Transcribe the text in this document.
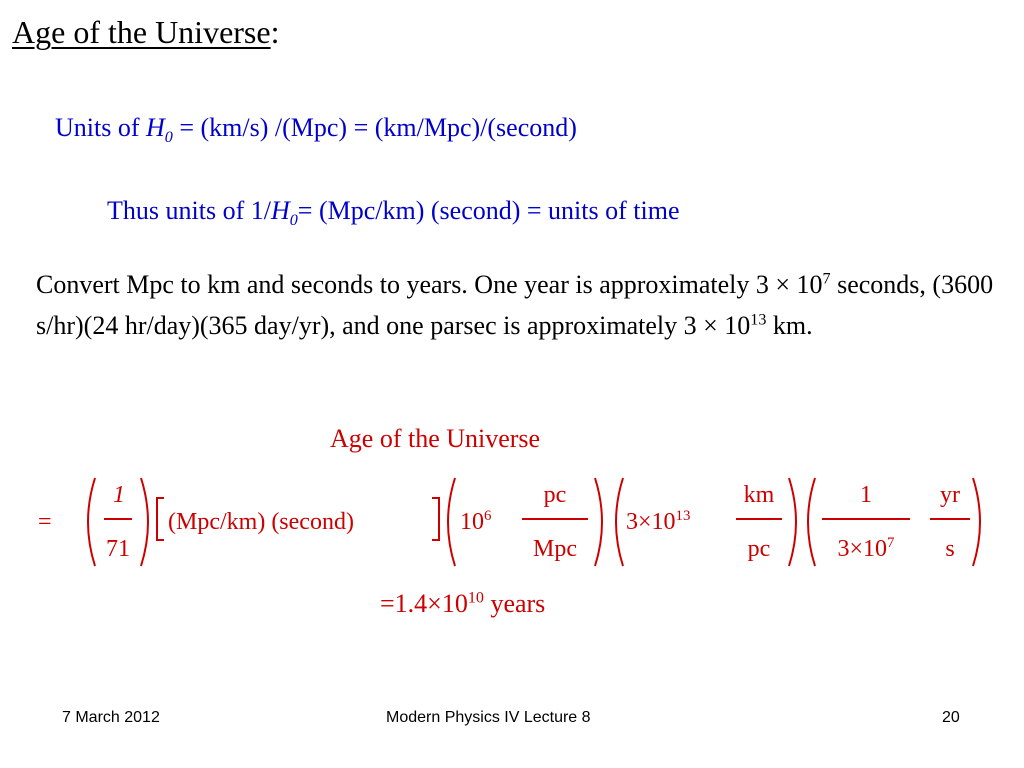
Age of the Universe:
Units of $H_0 = (km/s) /(Mpc)$ = (km/Mpc)/(second)
Thus units of $1/H_0= (Mpc/km)$ (second) = units of time
Convert Mpc to km and seconds to years. One year is approximately $3 \times 10^7$ seconds, (3600 s/hr)(24 hr/day)(365 day/yr), and one parsec is approximately $3 \times 10^{13}$ km.
Age of the Universe
=
1
71
(Mpc/km) (second)	$10^6$
pc
Mpc
$3\times 10^{13}$
km
pc
1
$3\times 10^7$
yr
s
$=1.4\times 10^{10}$ years
7 March 2012	Modern Physics IV Lecture 8	20
